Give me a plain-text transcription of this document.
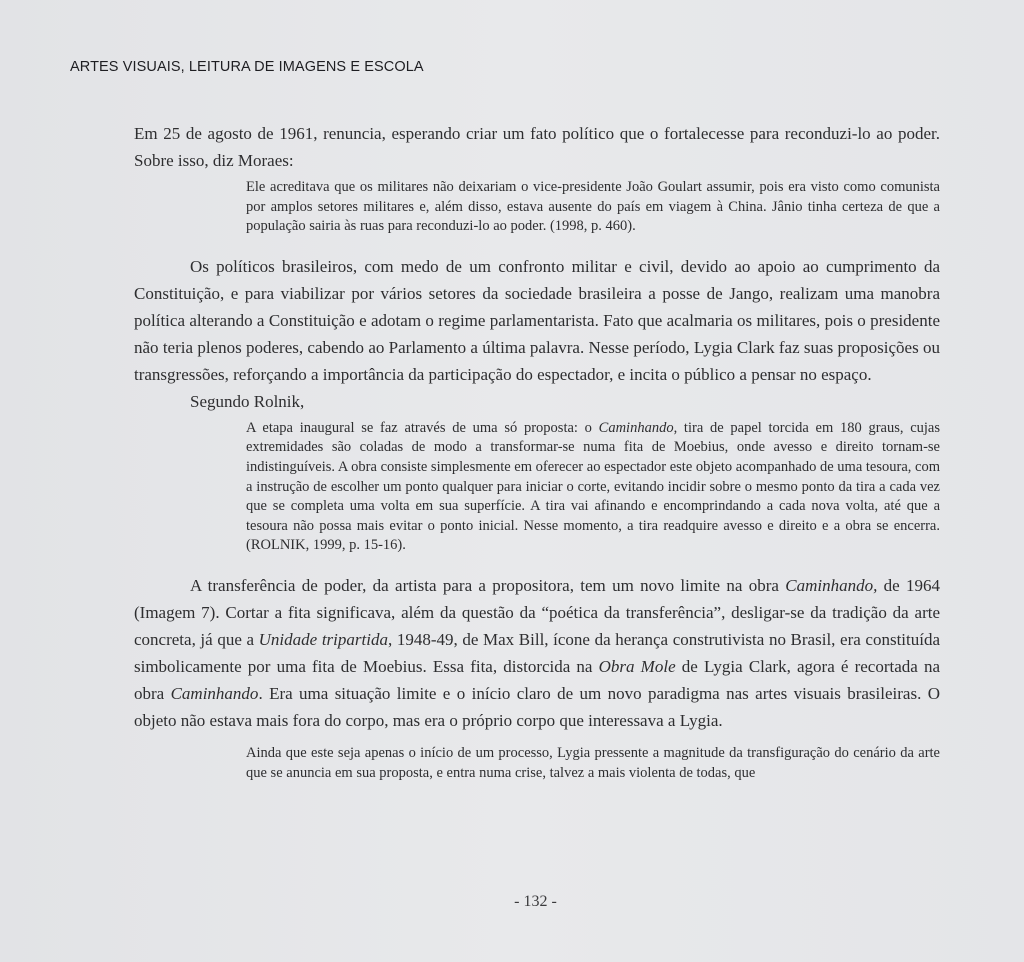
ARTES VISUAIS, LEITURA DE IMAGENS E ESCOLA

Em 25 de agosto de 1961, renuncia, esperando criar um fato político que o fortalecesse para reconduzi-lo ao poder. Sobre isso, diz Moraes:

Ele acreditava que os militares não deixariam o vice-presidente João Goulart assumir, pois era visto como comunista por amplos setores militares e, além disso, estava ausente do país em viagem à China. Jânio tinha certeza de que a população sairia às ruas para reconduzi-lo ao poder. (1998, p. 460).

Os políticos brasileiros, com medo de um confronto militar e civil, devido ao apoio ao cumprimento da Constituição, e para viabilizar por vários setores da sociedade brasileira a posse de Jango, realizam uma manobra política alterando a Constituição e adotam o regime parlamentarista. Fato que acalmaria os militares, pois o presidente não teria plenos poderes, cabendo ao Parlamento a última palavra. Nesse período, Lygia Clark faz suas proposições ou transgressões, reforçando a importância da participação do espectador, e incita o público a pensar no espaço.

Segundo Rolnik,

A etapa inaugural se faz através de uma só proposta: o Caminhando, tira de papel torcida em 180 graus, cujas extremidades são coladas de modo a transformar-se numa fita de Moebius, onde avesso e direito tornam-se indistinguíveis. A obra consiste simplesmente em oferecer ao espectador este objeto acompanhado de uma tesoura, com a instrução de escolher um ponto qualquer para iniciar o corte, evitando incidir sobre o mesmo ponto da tira a cada vez que se completa uma volta em sua superfície. A tira vai afinando e encomprindando a cada nova volta, até que a tesoura não possa mais evitar o ponto inicial. Nesse momento, a tira readquire avesso e direito e a obra se encerra. (ROLNIK, 1999, p. 15-16).

A transferência de poder, da artista para a propositora, tem um novo limite na obra Caminhando, de 1964 (Imagem 7). Cortar a fita significava, além da questão da “poética da transferência”, desligar-se da tradição da arte concreta, já que a Unidade tripartida, 1948-49, de Max Bill, ícone da herança construtivista no Brasil, era constituída simbolicamente por uma fita de Moebius. Essa fita, distorcida na Obra Mole de Lygia Clark, agora é recortada na obra Caminhando. Era uma situação limite e o início claro de um novo paradigma nas artes visuais brasileiras. O objeto não estava mais fora do corpo, mas era o próprio corpo que interessava a Lygia.

Ainda que este seja apenas o início de um processo, Lygia pressente a magnitude da transfiguração do cenário da arte que se anuncia em sua proposta, e entra numa crise, talvez a mais violenta de todas, que

- 132 -
